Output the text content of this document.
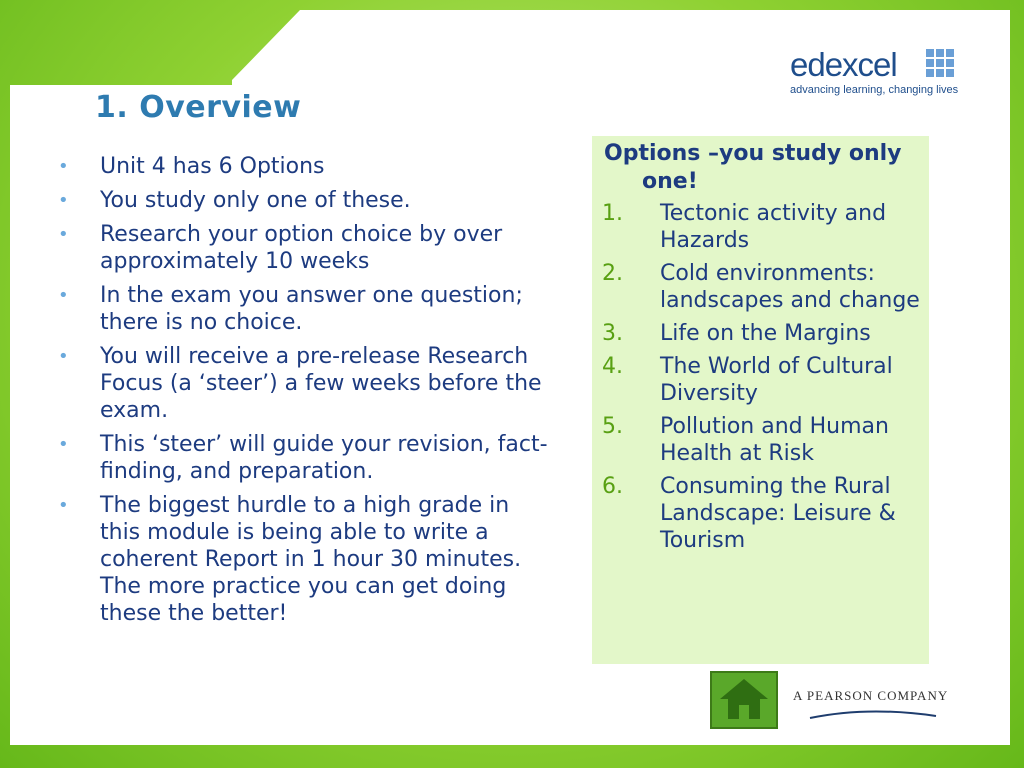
1. Overview
edexcel
advancing learning, changing lives
• Unit 4 has 6 Options
• You study only one of these.
• Research your option choice by over approximately 10 weeks
• In the exam you answer one question; there is no choice.
• You will receive a pre-release Research Focus (a ‘steer’) a few weeks before the exam.
• This ‘steer’ will guide your revision, fact-finding, and preparation.
• The biggest hurdle to a high grade in this module is being able to write a coherent Report in 1 hour 30 minutes. The more practice you can get doing these the better!
Options –you study only
one!
1. Tectonic activity and Hazards
2. Cold environments: landscapes and change
3. Life on the Margins
4. The World of Cultural Diversity
5. Pollution and Human Health at Risk
6. Consuming the Rural Landscape: Leisure & Tourism
A PEARSON COMPANY
